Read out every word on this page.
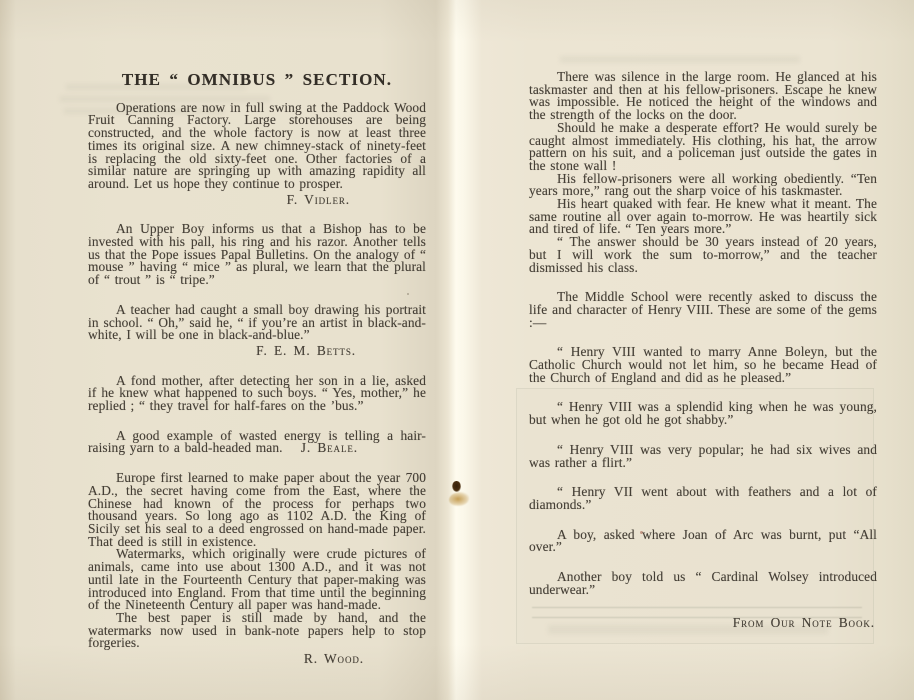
THE “ OMNIBUS ” SECTION.

Operations are now in full swing at the Paddock Wood Fruit Canning Factory. Large storehouses are being constructed, and the whole factory is now at least three times its original size. A new chimney-stack of ninety-feet is replacing the old sixty-feet one. Other factories of a similar nature are springing up with amazing rapidity all around. Let us hope they continue to prosper.

F. Vidler.

An Upper Boy informs us that a Bishop has to be invested with his pall, his ring and his razor. Another tells us that the Pope issues Papal Bulletins. On the analogy of “ mouse ” having “ mice ” as plural, we learn that the plural of “ trout ” is “ tripe.”

A teacher had caught a small boy drawing his portrait in school. “ Oh,” said he, “ if you’re an artist in black-and-white, I will be one in black-and-blue.”

F. E. M. Betts.

A fond mother, after detecting her son in a lie, asked if he knew what happened to such boys. “ Yes, mother,” he replied ; “ they travel for half-fares on the ’bus.”

A good example of wasted energy is telling a hair-raising yarn to a bald-headed man.	J. Beale.

Europe first learned to make paper about the year 700 A.D., the secret having come from the East, where the Chinese had known of the process for perhaps two thousand years. So long ago as 1102 A.D. the King of Sicily set his seal to a deed engrossed on hand-made paper. That deed is still in existence.

Watermarks, which originally were crude pictures of animals, came into use about 1300 A.D., and it was not until late in the Fourteenth Century that paper-making was introduced into England. From that time until the beginning of the Nineteenth Century all paper was hand-made.

The best paper is still made by hand, and the watermarks now used in bank-note papers help to stop forgeries.

R. Wood.

There was silence in the large room. He glanced at his taskmaster and then at his fellow-prisoners. Escape he knew was impossible. He noticed the height of the windows and the strength of the locks on the door.

Should he make a desperate effort? He would surely be caught almost immediately. His clothing, his hat, the arrow pattern on his suit, and a policeman just outside the gates in the stone wall !

His fellow-prisoners were all working obediently. “Ten years more,” rang out the sharp voice of his taskmaster.

His heart quaked with fear. He knew what it meant. The same routine all over again to-morrow. He was heartily sick and tired of life. “ Ten years more.”

“ The answer should be 30 years instead of 20 years, but I will work the sum to-morrow,” and the teacher dismissed his class.

The Middle School were recently asked to discuss the life and character of Henry VIII. These are some of the gems :—

“ Henry VIII wanted to marry Anne Boleyn, but the Catholic Church would not let him, so he became Head of the Church of England and did as he pleased.”

“ Henry VIII was a splendid king when he was young, but when he got old he got shabby.”

“ Henry VIII was very popular; he had six wives and was rather a flirt.”

“ Henry VII went about with feathers and a lot of diamonds.”

A boy, asked where Joan of Arc was burnt, put “All over.”

Another boy told us “ Cardinal Wolsey introduced underwear.”

From Our Note Book.
